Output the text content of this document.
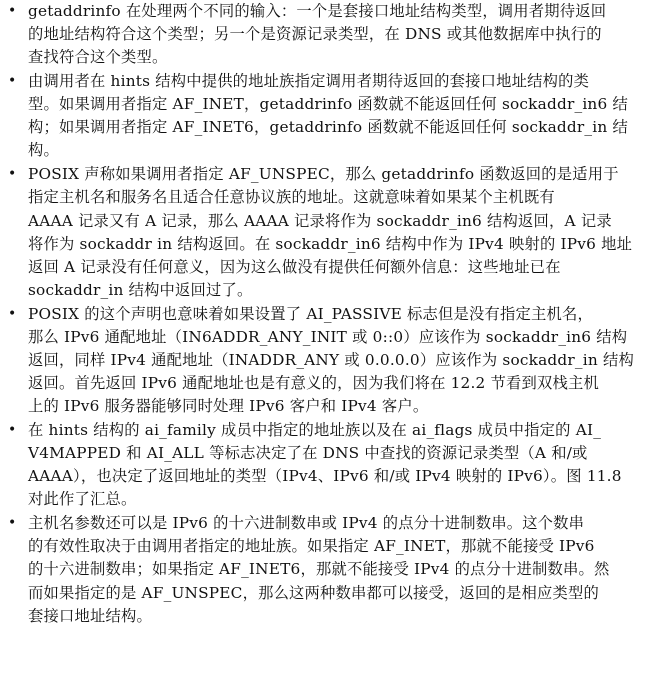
• getaddrinfo 在处理两个不同的输入：一个是套接口地址结构类型，调用者期待返回
的地址结构符合这个类型；另一个是资源记录类型，在 DNS 或其他数据库中执行的
查找符合这个类型。
• 由调用者在 hints 结构中提供的地址族指定调用者期待返回的套接口地址结构的类
型。如果调用者指定 AF_INET，getaddrinfo 函数就不能返回任何 sockaddr_in6 结
构；如果调用者指定 AF_INET6，getaddrinfo 函数就不能返回任何 sockaddr_in 结
构。
• POSIX 声称如果调用者指定 AF_UNSPEC，那么 getaddrinfo 函数返回的是适用于
指定主机名和服务名且适合任意协议族的地址。这就意味着如果某个主机既有
AAAA 记录又有 A 记录，那么 AAAA 记录将作为 sockaddr_in6 结构返回，A 记录
将作为 sockaddr in 结构返回。在 sockaddr_in6 结构中作为 IPv4 映射的 IPv6 地址
返回 A 记录没有任何意义，因为这么做没有提供任何额外信息：这些地址已在
sockaddr_in 结构中返回过了。
• POSIX 的这个声明也意味着如果设置了 AI_PASSIVE 标志但是没有指定主机名，
那么 IPv6 通配地址（IN6ADDR_ANY_INIT 或 0::0）应该作为 sockaddr_in6 结构
返回，同样 IPv4 通配地址（INADDR_ANY 或 0.0.0.0）应该作为 sockaddr_in 结构
返回。首先返回 IPv6 通配地址也是有意义的，因为我们将在 12.2 节看到双栈主机
上的 IPv6 服务器能够同时处理 IPv6 客户和 IPv4 客户。
• 在 hints 结构的 ai_family 成员中指定的地址族以及在 ai_flags 成员中指定的 AI_
V4MAPPED 和 AI_ALL 等标志决定了在 DNS 中查找的资源记录类型（A 和/或
AAAA），也决定了返回地址的类型（IPv4、IPv6 和/或 IPv4 映射的 IPv6）。图 11.8
对此作了汇总。
• 主机名参数还可以是 IPv6 的十六进制数串或 IPv4 的点分十进制数串。这个数串
的有效性取决于由调用者指定的地址族。如果指定 AF_INET，那就不能接受 IPv6
的十六进制数串；如果指定 AF_INET6，那就不能接受 IPv4 的点分十进制数串。然
而如果指定的是 AF_UNSPEC，那么这两种数串都可以接受，返回的是相应类型的
套接口地址结构。
